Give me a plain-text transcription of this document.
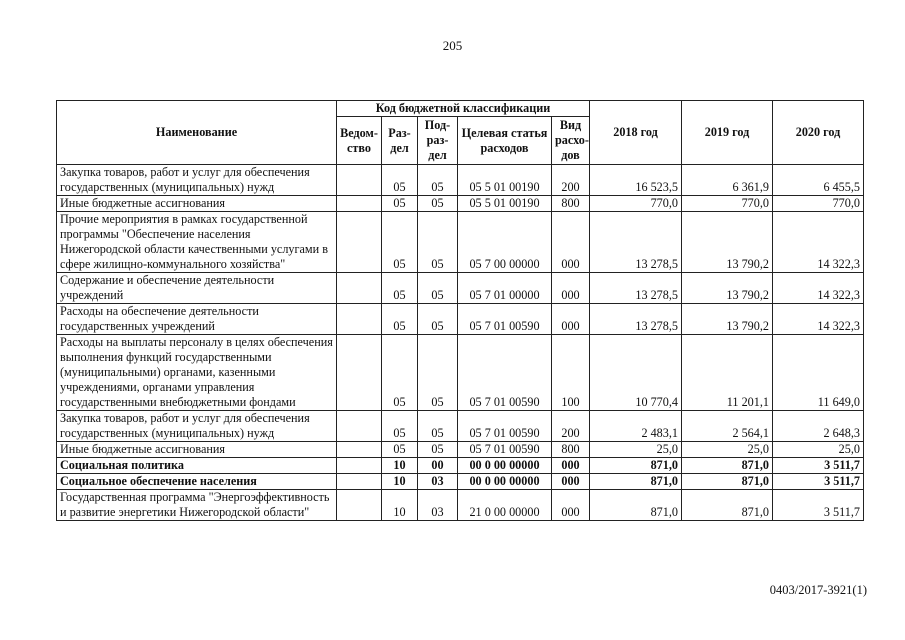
205
Наименование	Код бюджетной классификации					2018 год	2019 год	2020 год
	Ведом-ство	Раз-дел	Под-раз-дел	Целевая статья расходов	Вид расхо-дов			
Закупка товаров, работ и услуг для обеспечения государственных (муниципальных) нужд		05	05	05 5 01 00190	200	16 523,5	6 361,9	6 455,5
Иные бюджетные ассигнования		05	05	05 5 01 00190	800	770,0	770,0	770,0
Прочие мероприятия в рамках государственной программы "Обеспечение населения Нижегородской области качественными услугами в сфере жилищно-коммунального хозяйства"		05	05	05 7 00 00000	000	13 278,5	13 790,2	14 322,3
Содержание и обеспечение деятельности учреждений		05	05	05 7 01 00000	000	13 278,5	13 790,2	14 322,3
Расходы на обеспечение деятельности государственных учреждений		05	05	05 7 01 00590	000	13 278,5	13 790,2	14 322,3
Расходы на выплаты персоналу в целях обеспечения выполнения функций государственными (муниципальными) органами, казенными учреждениями, органами управления государственными внебюджетными фондами		05	05	05 7 01 00590	100	10 770,4	11 201,1	11 649,0
Закупка товаров, работ и услуг для обеспечения государственных (муниципальных) нужд		05	05	05 7 01 00590	200	2 483,1	2 564,1	2 648,3
Иные бюджетные ассигнования		05	05	05 7 01 00590	800	25,0	25,0	25,0
Социальная политика		10	00	00 0 00 00000	000	871,0	871,0	3 511,7
Социальное обеспечение населения		10	03	00 0 00 00000	000	871,0	871,0	3 511,7
Государственная программа "Энергоэффективность и развитие энергетики Нижегородской области"		10	03	21 0 00 00000	000	871,0	871,0	3 511,7
0403/2017-3921(1)
